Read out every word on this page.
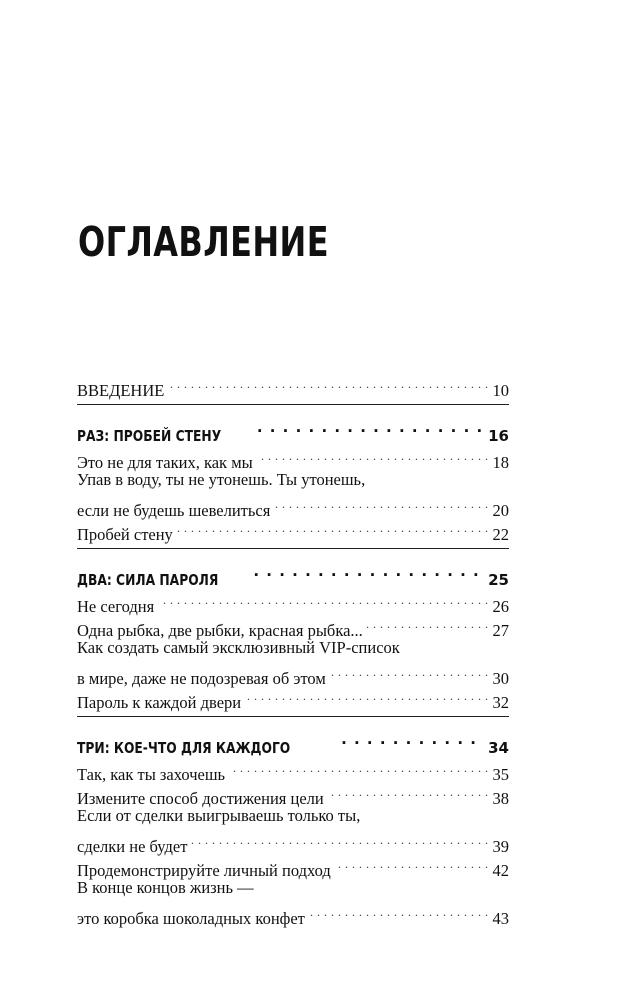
ОГЛАВЛЕНИЕ
ВВЕДЕНИЕ . . .	10
РАЗ: ПРОБЕЙ СТЕНУ . . .	16
Это не для таких, как мы . . .	18
Упав в воду, ты не утонешь. Ты утонешь,
если не будешь шевелиться . . .	20
Пробей стену . . .	22
ДВА: СИЛА ПАРОЛЯ . . .	25
Не сегодня . . .	26
Одна рыбка, две рыбки, красная рыбка... . . .	27
Как создать самый эксклюзивный VIP-список
в мире, даже не подозревая об этом . . .	30
Пароль к каждой двери . . .	32
ТРИ: КОЕ-ЧТО ДЛЯ КАЖДОГО . . .	34
Так, как ты захочешь . . .	35
Измените способ достижения цели . . .	38
Если от сделки выигрываешь только ты,
сделки не будет . . .	39
Продемонстрируйте личный подход . . .	42
В конце концов жизнь —
это коробка шоколадных конфет . . .	43
